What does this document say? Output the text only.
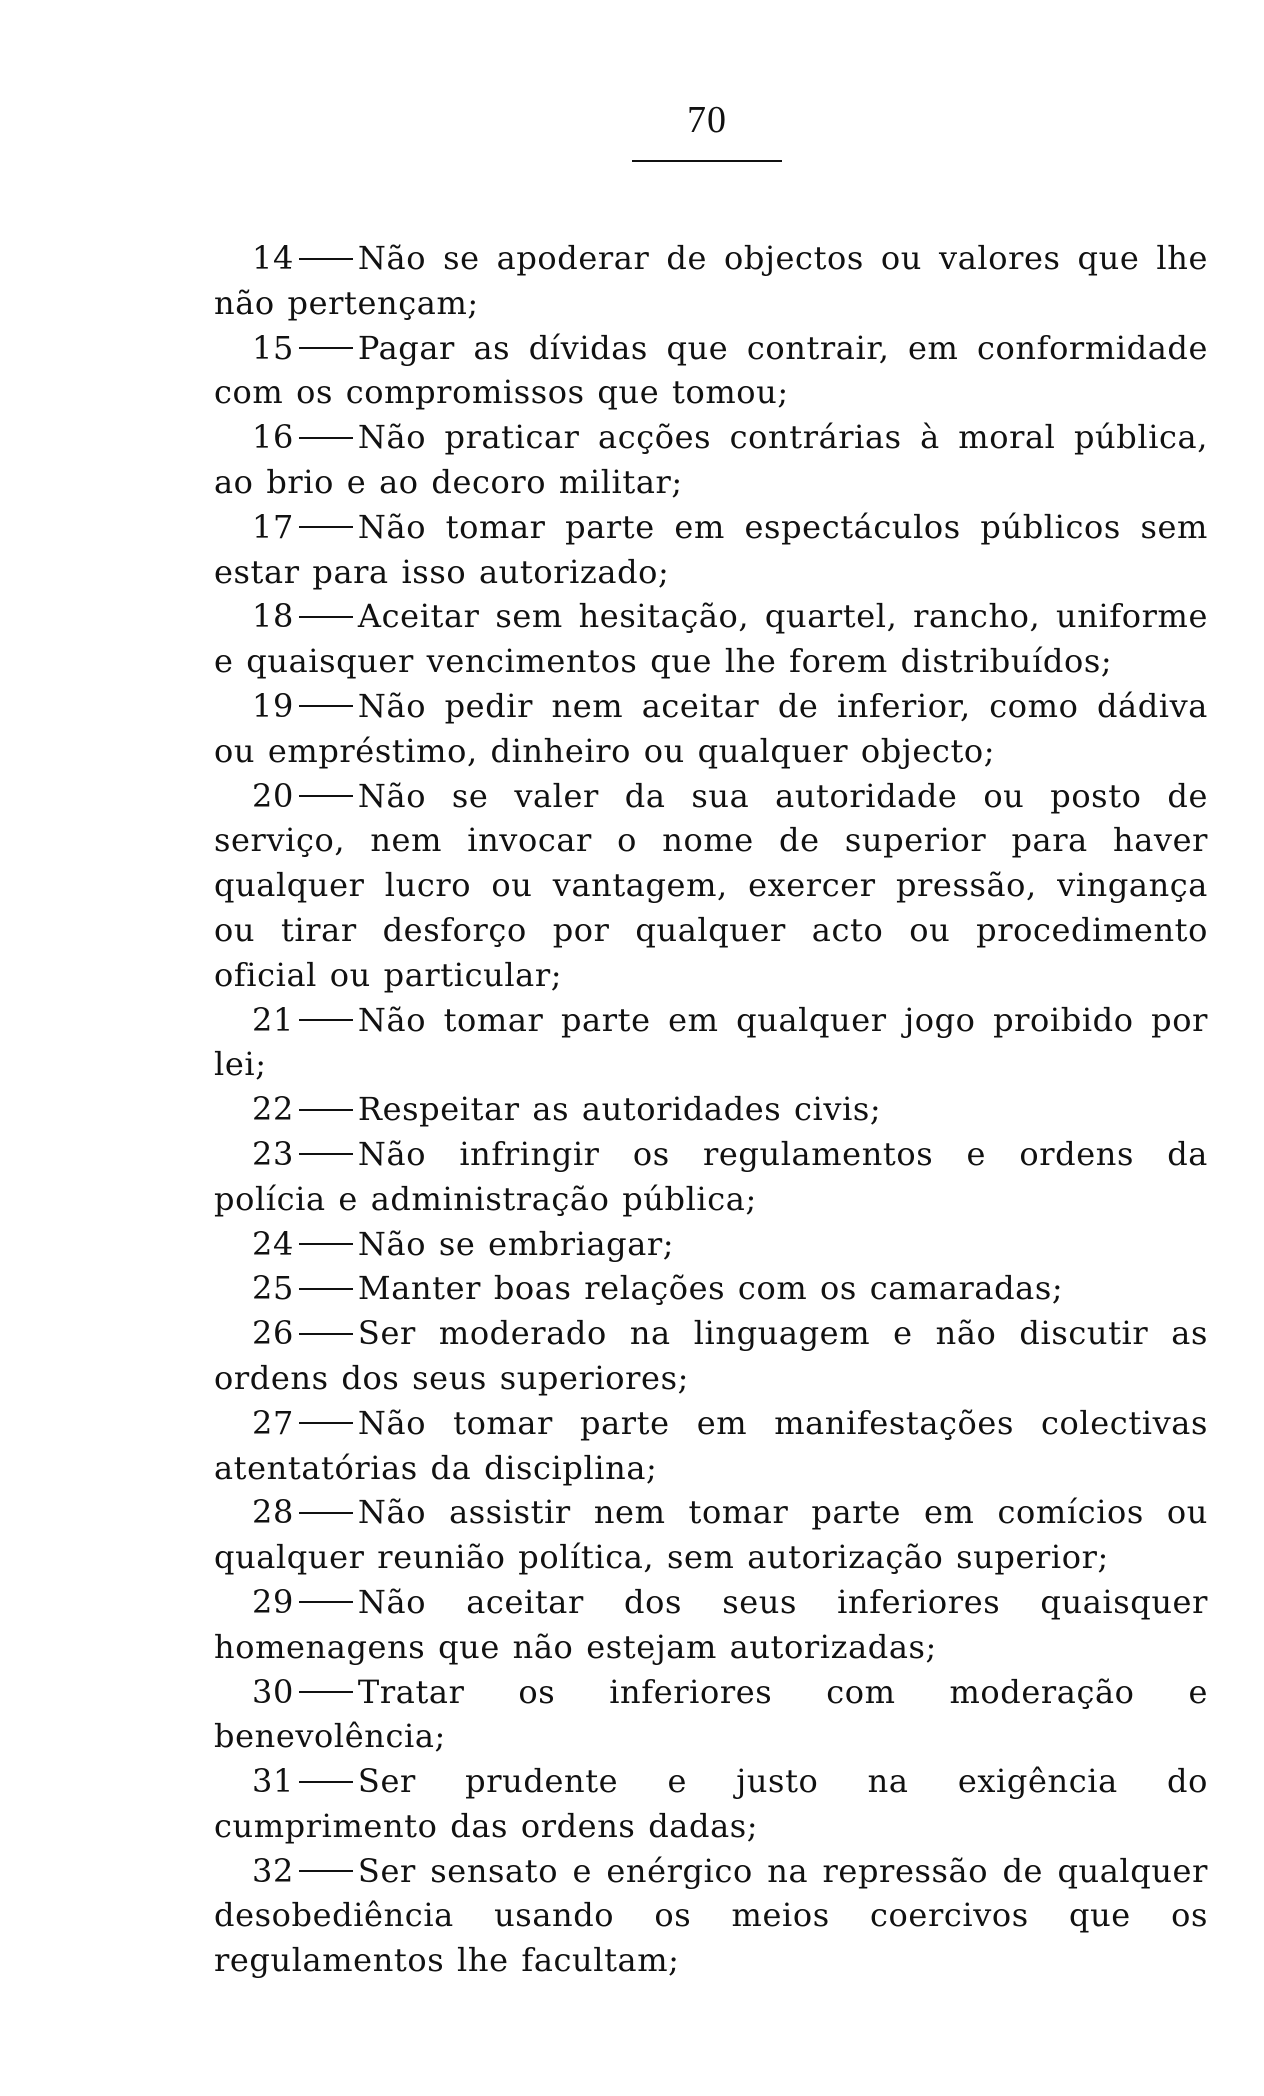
70

14 Não se apoderar de objectos ou valores que lhe não pertençam;

15 Pagar as dívidas que contrair, em conformidade com os compromissos que tomou;

16 Não praticar acções contrárias à moral pública, ao brio e ao decoro militar;

17 Não tomar parte em espectáculos públicos sem estar para isso autorizado;

18 Aceitar sem hesitação, quartel, rancho, uniforme e quaisquer vencimentos que lhe forem distribuídos;

19 Não pedir nem aceitar de inferior, como dádiva ou empréstimo, dinheiro ou qualquer objecto;

20 Não se valer da sua autoridade ou posto de serviço, nem invocar o nome de superior para haver qualquer lucro ou vantagem, exercer pressão, vingança ou tirar desforço por qualquer acto ou procedimento oficial ou particular;

21 Não tomar parte em qualquer jogo proibido por lei;

22 Respeitar as autoridades civis;

23 Não infringir os regulamentos e ordens da polícia e administração pública;

24 Não se embriagar;

25 Manter boas relações com os camaradas;

26 Ser moderado na linguagem e não discutir as ordens dos seus superiores;

27 Não tomar parte em manifestações colectivas atentatórias da disciplina;

28 Não assistir nem tomar parte em comícios ou qualquer reunião política, sem autorização superior;

29 Não aceitar dos seus inferiores quaisquer homenagens que não estejam autorizadas;

30 Tratar os inferiores com moderação e benevolência;

31 Ser prudente e justo na exigência do cumprimento das ordens dadas;

32 Ser sensato e enérgico na repressão de qualquer desobediência usando os meios coercivos que os regulamentos lhe facultam;
